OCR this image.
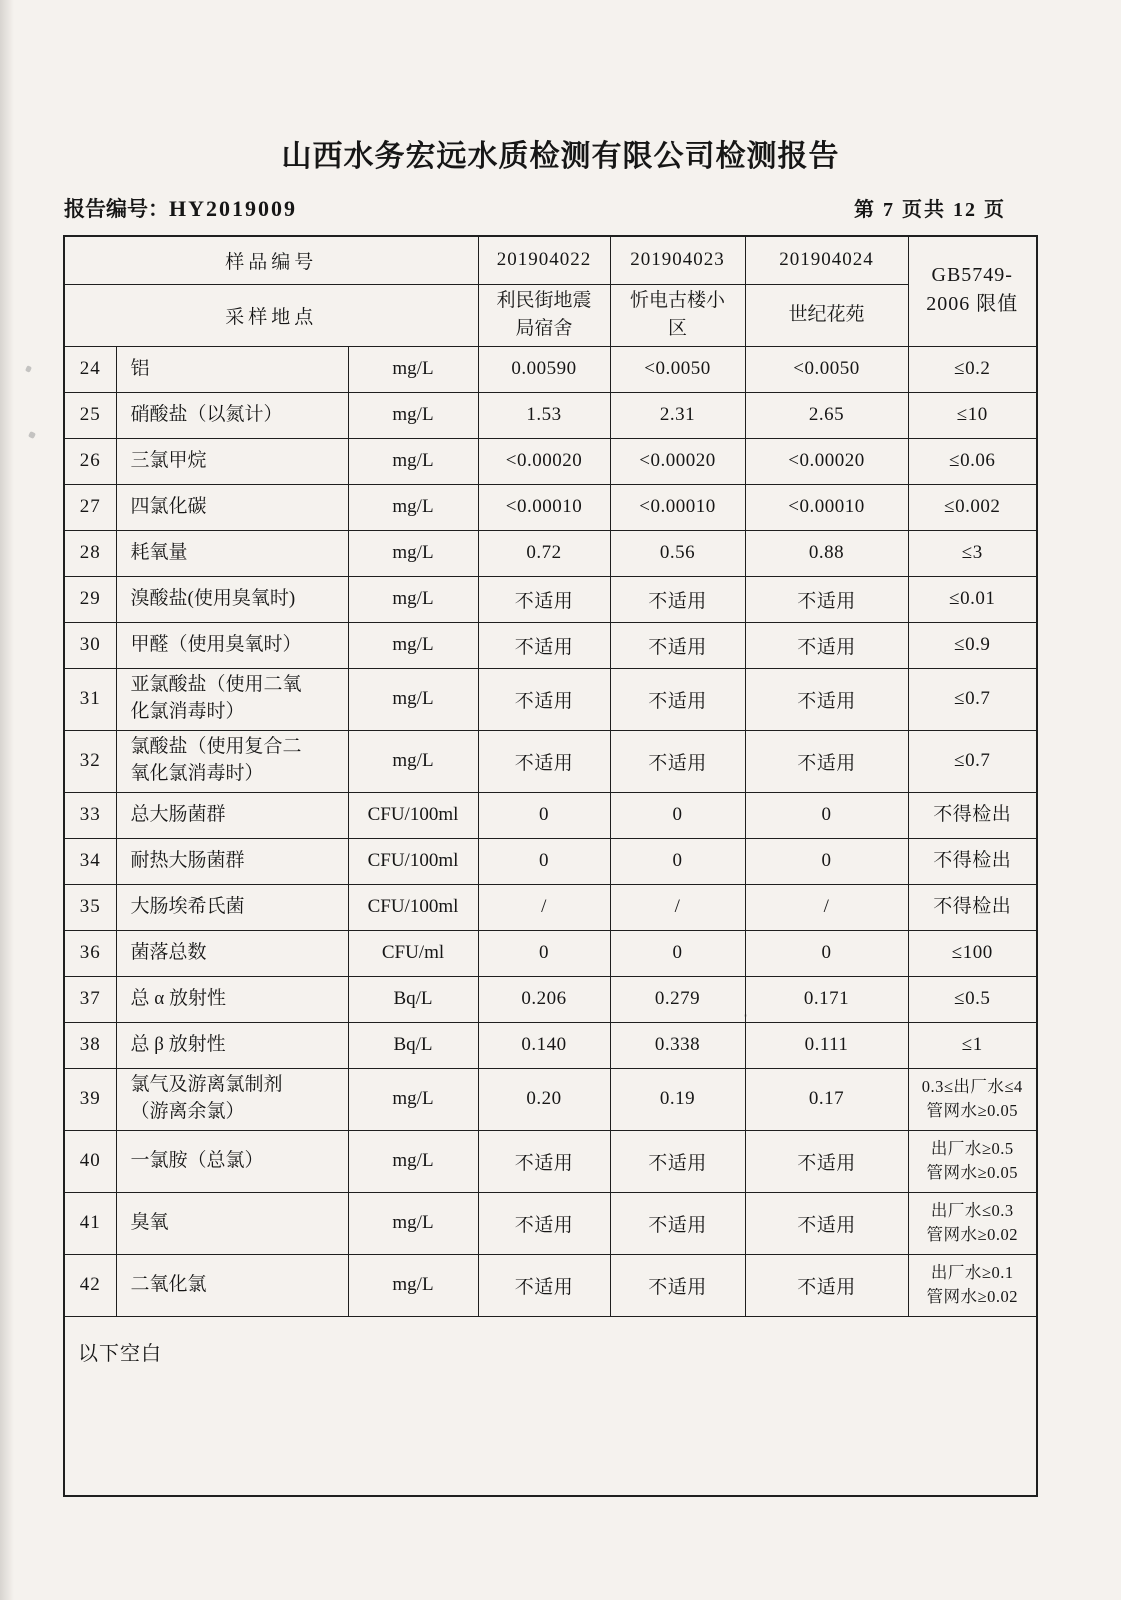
山西水务宏远水质检测有限公司检测报告
报告编号：HY2019009	第 7 页共 12 页
样品编号			201904022	201904023	201904024	GB5749-
2006 限值

采样地点			利民街地震局宿舍	忻电古楼小区	世纪花苑	
24	铝	mg/L	0.00590	<0.0050	<0.0050	≤0.2

25	硝酸盐（以氮计）	mg/L	1.53	2.31	2.65	≤10

26	三氯甲烷	mg/L	<0.00020	<0.00020	<0.00020	≤0.06

27	四氯化碳	mg/L	<0.00010	<0.00010	<0.00010	≤0.002

28	耗氧量	mg/L	0.72	0.56	0.88	≤3

29	溴酸盐(使用臭氧时)	mg/L	不适用	不适用	不适用	≤0.01

30	甲醛（使用臭氧时）	mg/L	不适用	不适用	不适用	≤0.9

31	亚氯酸盐（使用二氧化氯消毒时）	mg/L	不适用	不适用	不适用	≤0.7

32	氯酸盐（使用复合二氧化氯消毒时）	mg/L	不适用	不适用	不适用	≤0.7

33	总大肠菌群	CFU/100ml	0	0	0	不得检出

34	耐热大肠菌群	CFU/100ml	0	0	0	不得检出

35	大肠埃希氏菌	CFU/100ml	/	/	/	不得检出

36	菌落总数	CFU/ml	0	0	0	≤100

37	总 α 放射性	Bq/L	0.206	0.279	0.171	≤0.5

38	总 β 放射性	Bq/L	0.140	0.338	0.111	≤1

39	氯气及游离氯制剂（游离余氯）	mg/L	0.20	0.19	0.17	0.3≤出厂水≤4
管网水≥0.05

40	一氯胺（总氯）	mg/L	不适用	不适用	不适用	出厂水≥0.5
管网水≥0.05

41	臭氧	mg/L	不适用	不适用	不适用	出厂水≤0.3
管网水≥0.02

42	二氧化氯	mg/L	不适用	不适用	不适用	出厂水≥0.1
管网水≥0.02

以下空白						
